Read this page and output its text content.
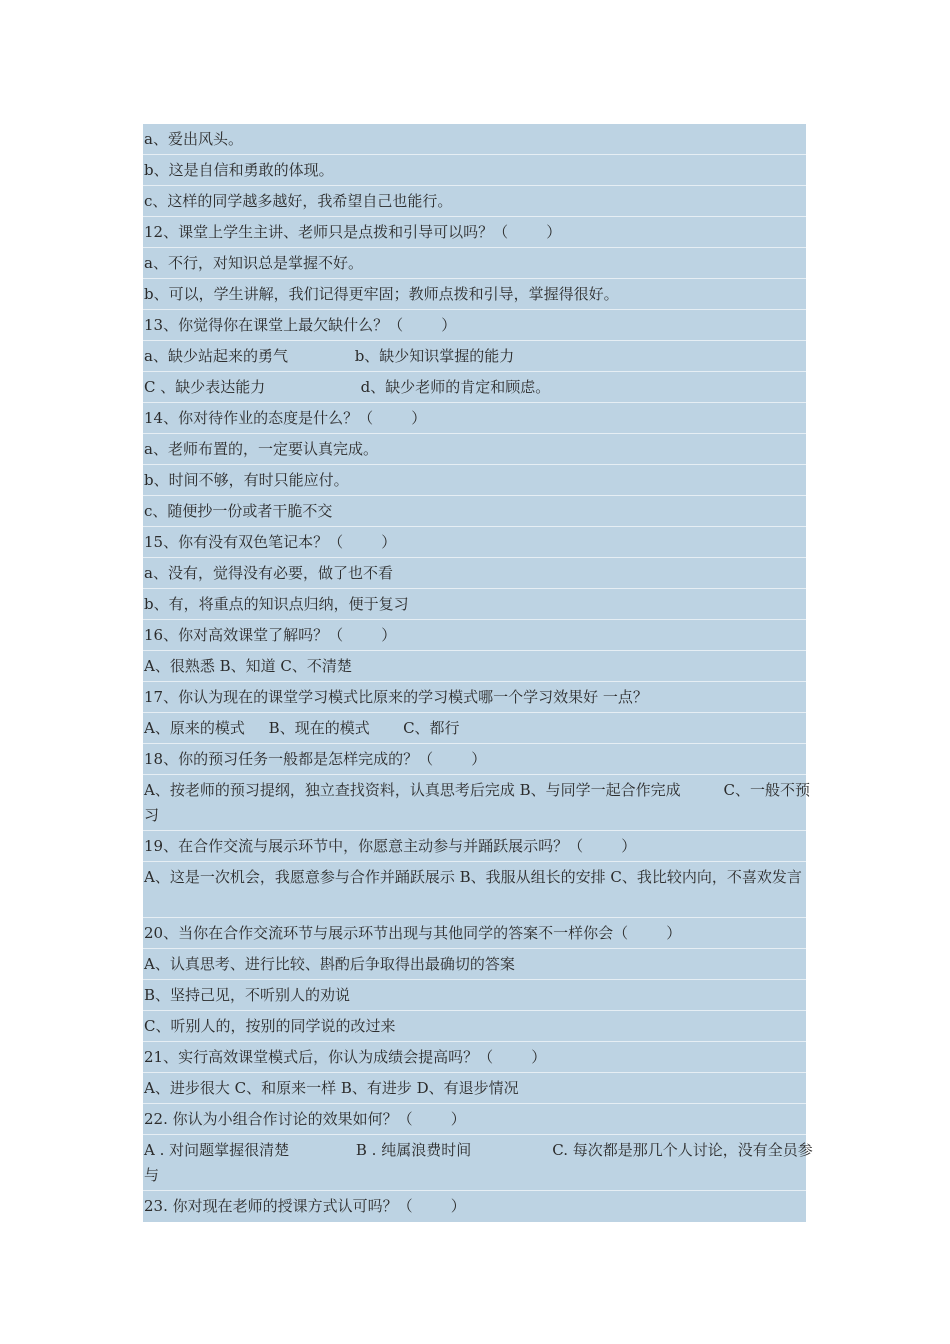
a、爱出风头。
b、这是自信和勇敢的体现。
c、这样的同学越多越好，我希望自己也能行。
12、课堂上学生主讲、老师只是点拨和引导可以吗？（        ）
a、不行，对知识总是掌握不好。
b、可以，学生讲解，我们记得更牢固；教师点拨和引导，掌握得很好。
13、你觉得你在课堂上最欠缺什么？（        ）
a、缺少站起来的勇气              b、缺少知识掌握的能力
C 、缺少表达能力                    d、缺少老师的肯定和顾虑。
14、你对待作业的态度是什么？（        ）
a、老师布置的，一定要认真完成。
b、时间不够，有时只能应付。
c、随便抄一份或者干脆不交
15、你有没有双色笔记本？（        ）
a、没有，觉得没有必要，做了也不看
b、有，将重点的知识点归纳，便于复习
16、你对高效课堂了解吗？（        ）
A、很熟悉 B、知道 C、不清楚
17、你认为现在的课堂学习模式比原来的学习模式哪一个学习效果好 一点？
A、原来的模式     B、现在的模式       C、都行
18、你的预习任务一般都是怎样完成的？（        ）
A、按老师的预习提纲，独立查找资料，认真思考后完成 B、与同学一起合作完成         C、一般不预习
19、在合作交流与展示环节中，你愿意主动参与并踊跃展示吗？（        ）
A、这是一次机会，我愿意参与合作并踊跃展示 B、我服从组长的安排 C、我比较内向，不喜欢发言
20、当你在合作交流环节与展示环节出现与其他同学的答案不一样你会（        ）
A、认真思考、进行比较、斟酌后争取得出最确切的答案
B、坚持己见，不听别人的劝说
C、听别人的，按别的同学说的改过来
21、实行高效课堂模式后，你认为成绩会提高吗？（        ）
A、进步很大 C、和原来一样 B、有进步 D、有退步情况
22. 你认为小组合作讨论的效果如何？（        ）
A . 对问题掌握很清楚              B . 纯属浪费时间                 C. 每次都是那几个人讨论，没有全员参与
23. 你对现在老师的授课方式认可吗？（        ）
